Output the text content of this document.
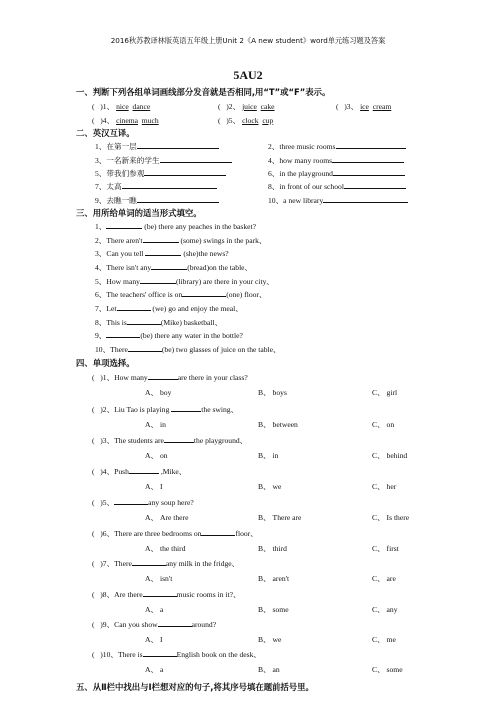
2016秋苏教译林版英语五年级上册Unit 2《A new student》word单元练习题及答案
5AU2
一、判断下列各组单词画线部分发音就是否相同,用“T”或“F”表示。
(   )1、 nice dance	(   )2、 juice cake	(   )3、 ice cream
(   )4、 cinema much	(   )5、 clock cup
二、英汉互译。
1、在第一层	2、three music rooms
3、一名新来的学生	4、how many rooms
5、带我们参观	6、in the playground
7、太高	8、in front of our school
9、去瞧一瞧	10、a new library
三、用所给单词的适当形式填空。
1、	(be) there any peaches in the basket?
2、There aren't	(some) swings in the park、
3、Can you tell	(she)the news?
4、There isn't any	(bread)on the table、
5、How many	(library) are there in your city、
6、The teachers' office is on	(one) floor、
7、Let	(we) go and enjoy the meal、
8、This is	(Mike) basketball、
9、	(be) there any water in the bottle?
10、There	(be) two glasses of juice on the table、
四、单项选择。
(   )1、How many	are there in your class?
A、 boy	B、 boys	C、 girl
(   )2、Liu Tao is playing	the swing、
A、 in	B、 between	C、 on
(   )3、The students are	the playground、
A、 on	B、 in	C、 behind
(   )4、Push	,Mike、
A、 I	B、 we	C、 her
(   )5、	any soup here?
A、 Are there	B、 There are	C、 Is there
(   )6、There are three bedrooms on	floor、
A、 the third	B、 third	C、 first
(   )7、There	any milk in the fridge、
A、 isn't	B、 aren't	C、 are
(   )8、Are there	music rooms in it?、
A、 a	B、 some	C、 any
(   )9、Can you show	around?
A、 I	B、 we	C、 me
(   )10、There is	English book on the desk、
A、 a	B、 an	C、 some
五、从Ⅱ栏中找出与Ⅰ栏想对应的句子,将其序号填在题前括号里。
